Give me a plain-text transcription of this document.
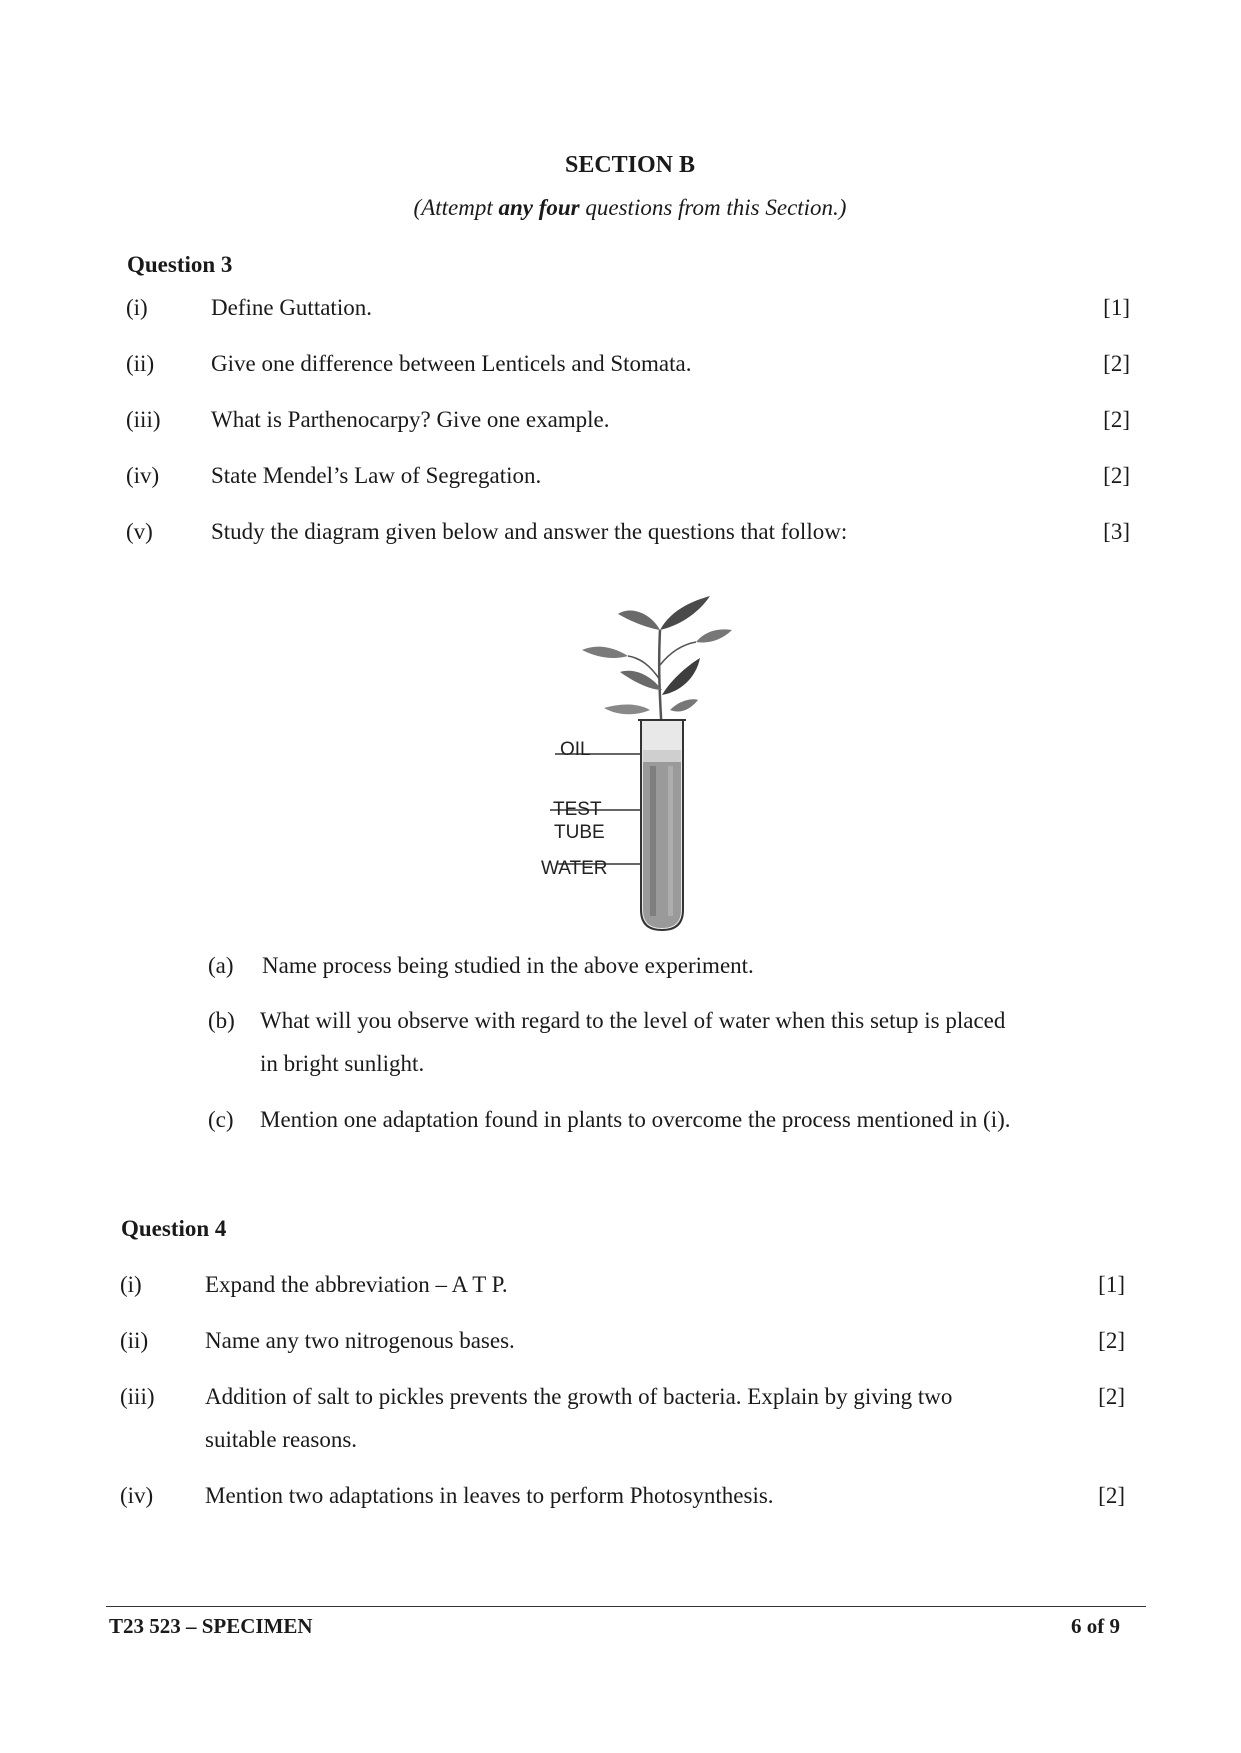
SECTION B
(Attempt any four questions from this Section.)
Question 3
(i)	Define Guttation.	[1]
(ii) Give one difference between Lenticels and Stomata.	[2]
(iii) What is Parthenocarpy? Give one example.	[2]
(iv) State Mendel’s Law of Segregation.	[2]
(v)	Study the diagram given below and answer the questions that follow:	[3]
OIL
TEST
TUBE
WATER
(a) Name process being studied in the above experiment.
(b) What will you observe with regard to the level of water when this setup is placed
in bright sunlight.
(c) Mention one adaptation found in plants to overcome the process mentioned in (i).
Question 4
(i)	Expand the abbreviation – A T P.	[1]
(ii) Name any two nitrogenous bases.	[2]
(iii) Addition of salt to pickles prevents the growth of bacteria. Explain by giving two	[2]
suitable reasons.
(iv) Mention two adaptations in leaves to perform Photosynthesis.	[2]
T23 523 – SPECIMEN	6 of 9
